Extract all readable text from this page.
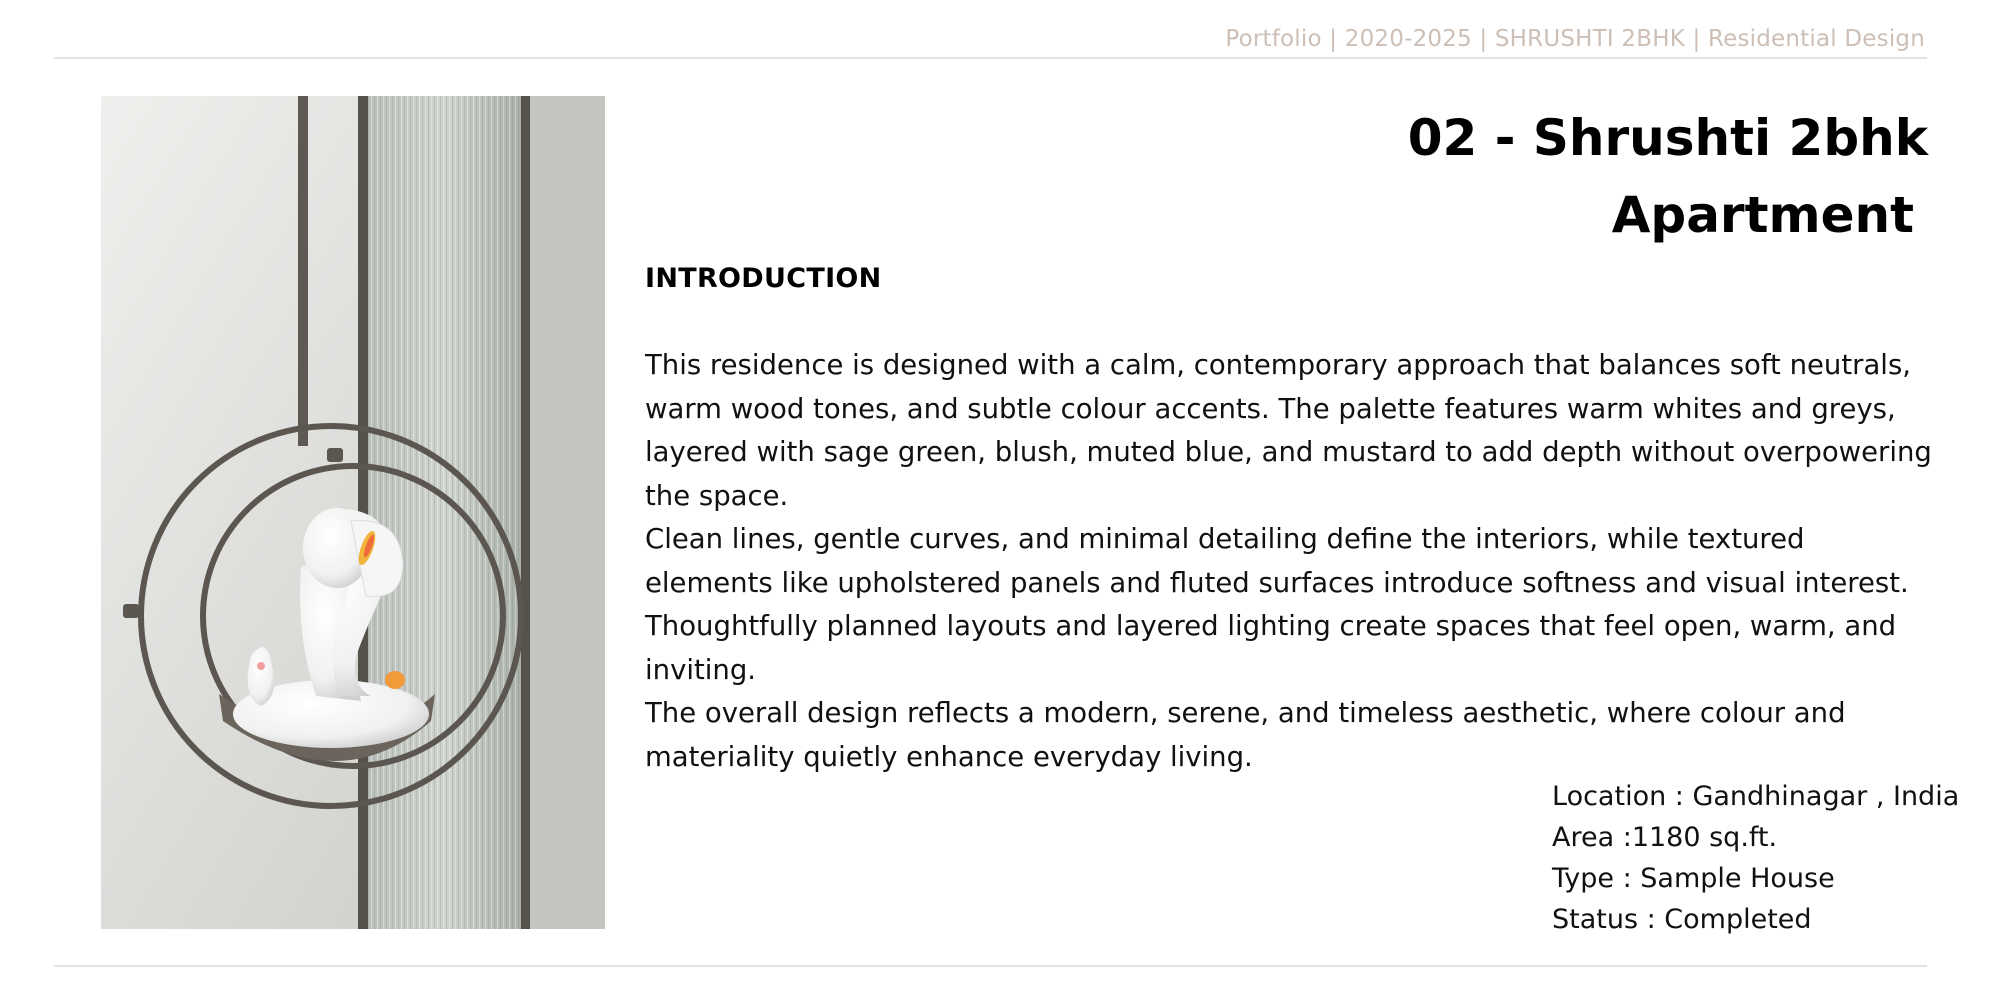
Portfolio | 2020-2025 | SHRUSHTI 2BHK | Residential Design
02 - Shrushti 2bhk
Apartment
INTRODUCTION

This residence is designed with a calm, contemporary approach that balances soft neutrals, warm wood tones, and subtle colour accents. The palette features warm whites and greys, layered with sage green, blush, muted blue, and mustard to add depth without overpowering the space.

Clean lines, gentle curves, and minimal detailing define the interiors, while textured elements like upholstered panels and fluted surfaces introduce softness and visual interest. Thoughtfully planned layouts and layered lighting create spaces that feel open, warm, and inviting.

The overall design reflects a modern, serene, and timeless aesthetic, where colour and materiality quietly enhance everyday living.

Location : Gandhinagar , India
Area :1180 sq.ft.
Type : Sample House
Status : Completed
